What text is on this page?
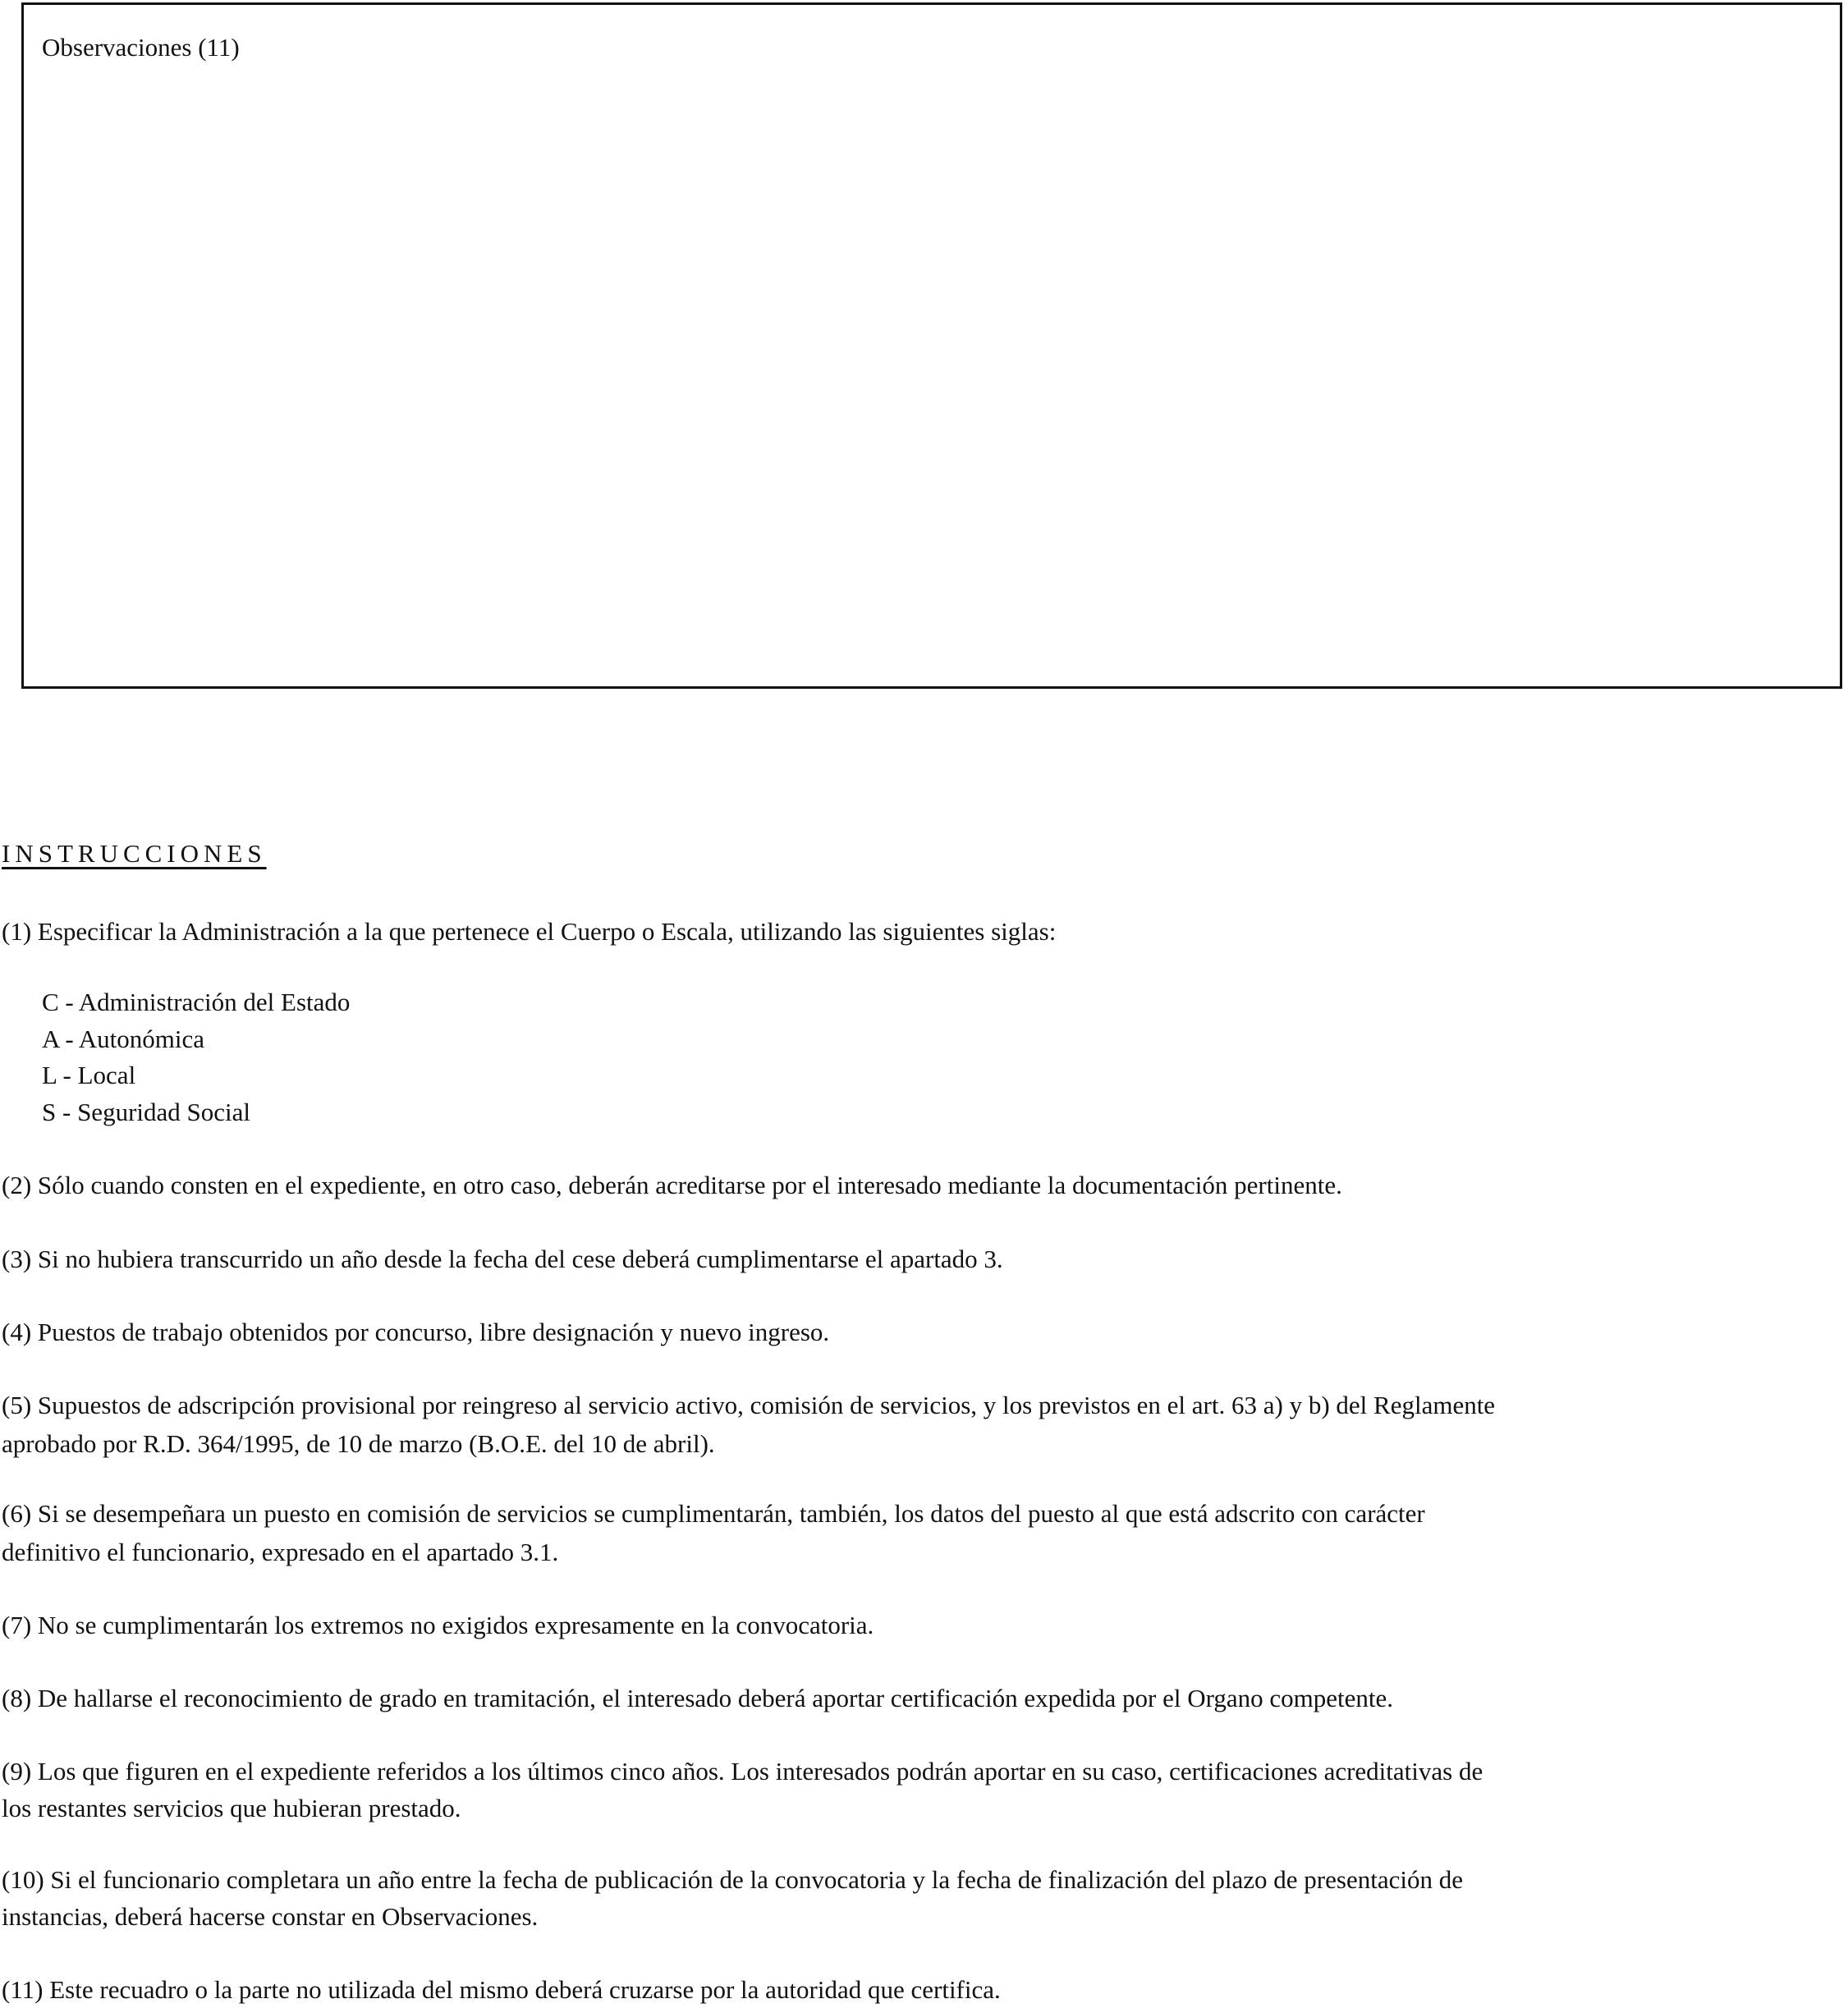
Observaciones (11)
INSTRUCCIONES
(1) Especificar la Administración a la que pertenece el Cuerpo o Escala, utilizando las siguientes siglas:
C - Administración del Estado
A - Autonómica
L - Local
S - Seguridad Social
(2) Sólo cuando consten en el expediente, en otro caso, deberán acreditarse por el interesado mediante la documentación pertinente.
(3) Si no hubiera transcurrido un año desde la fecha del cese deberá cumplimentarse el apartado 3.
(4) Puestos de trabajo obtenidos por concurso, libre designación y nuevo ingreso.
(5) Supuestos de adscripción provisional por reingreso al servicio activo, comisión de servicios, y los previstos en el art. 63 a) y b) del Reglamente
aprobado por R.D. 364/1995, de 10 de marzo (B.O.E. del 10 de abril).
(6) Si se desempeñara un puesto en comisión de servicios se cumplimentarán, también, los datos del puesto al que está adscrito con carácter
definitivo el funcionario, expresado en el apartado 3.1.
(7) No se cumplimentarán los extremos no exigidos expresamente en la convocatoria.
(8) De hallarse el reconocimiento de grado en tramitación, el interesado deberá aportar certificación expedida por el Organo competente.
(9) Los que figuren en el expediente referidos a los últimos cinco años. Los interesados podrán aportar en su caso, certificaciones acreditativas de
los restantes servicios que hubieran prestado.
(10) Si el funcionario completara un año entre la fecha de publicación de la convocatoria y la fecha de finalización del plazo de presentación de
instancias, deberá hacerse constar en Observaciones.
(11) Este recuadro o la parte no utilizada del mismo deberá cruzarse por la autoridad que certifica.
